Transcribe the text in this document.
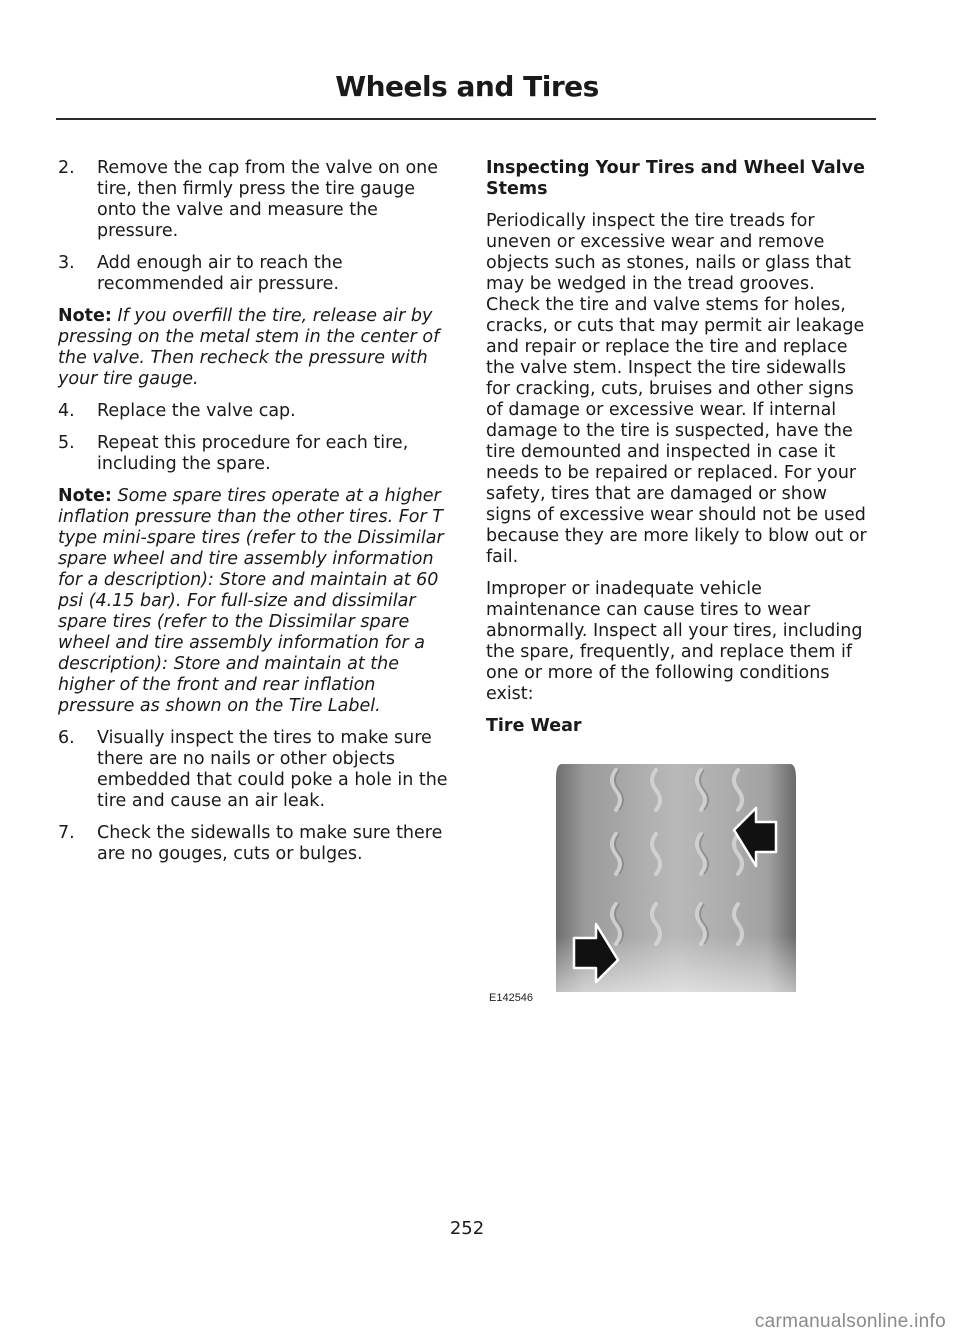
Wheels and Tires
2.	Remove the cap from the valve on one tire, then firmly press the tire gauge onto the valve and measure the pressure.
3.	Add enough air to reach the recommended air pressure.
Note: If you overfill the tire, release air by pressing on the metal stem in the center of the valve. Then recheck the pressure with your tire gauge.
4.	Replace the valve cap.
5.	Repeat this procedure for each tire, including the spare.
Note: Some spare tires operate at a higher inflation pressure than the other tires. For T type mini-spare tires (refer to the Dissimilar spare wheel and tire assembly information for a description): Store and maintain at 60 psi (4.15 bar). For full-size and dissimilar spare tires (refer to the Dissimilar spare wheel and tire assembly information for a description): Store and maintain at the higher of the front and rear inflation pressure as shown on the Tire Label.
6.	Visually inspect the tires to make sure there are no nails or other objects embedded that could poke a hole in the tire and cause an air leak.
7.	Check the sidewalls to make sure there are no gouges, cuts or bulges.
Inspecting Your Tires and Wheel Valve Stems
Periodically inspect the tire treads for uneven or excessive wear and remove objects such as stones, nails or glass that may be wedged in the tread grooves. Check the tire and valve stems for holes, cracks, or cuts that may permit air leakage and repair or replace the tire and replace the valve stem. Inspect the tire sidewalls for cracking, cuts, bruises and other signs of damage or excessive wear. If internal damage to the tire is suspected, have the tire demounted and inspected in case it needs to be repaired or replaced. For your safety, tires that are damaged or show signs of excessive wear should not be used because they are more likely to blow out or fail.
Improper or inadequate vehicle maintenance can cause tires to wear abnormally. Inspect all your tires, including the spare, frequently, and replace them if one or more of the following conditions exist:
Tire Wear
E142546
252
carmanualsonline.info
